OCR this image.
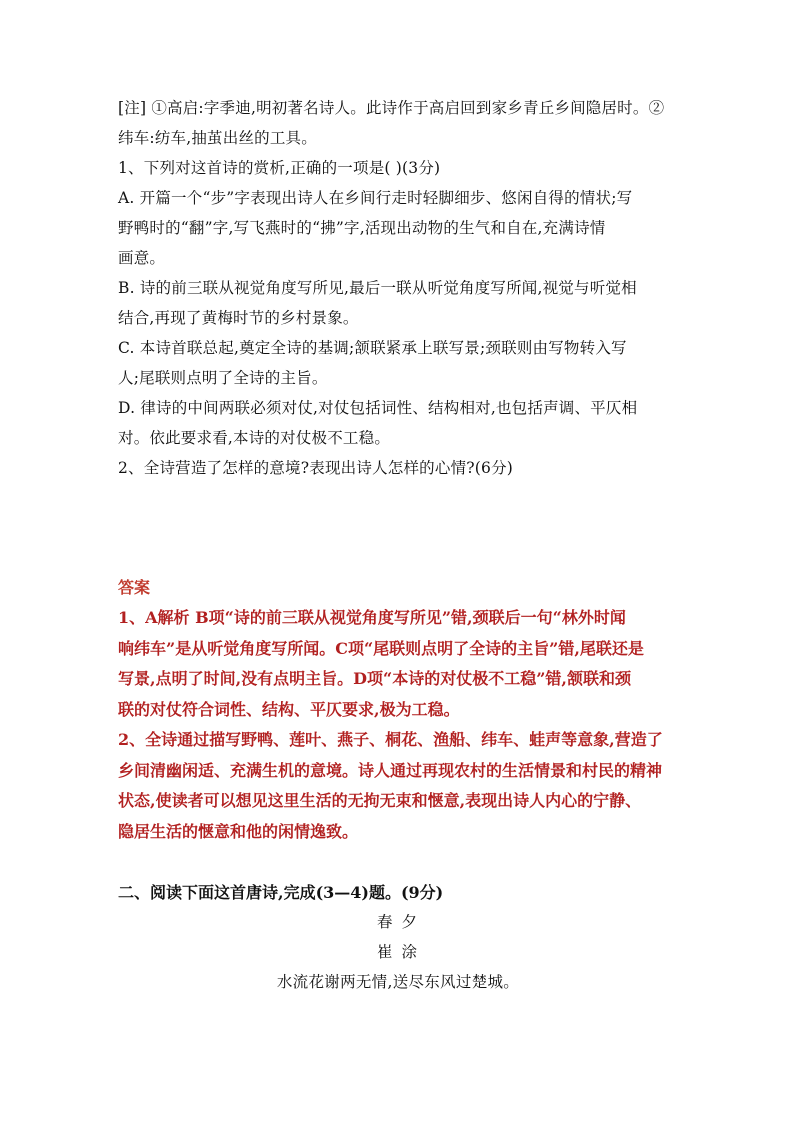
[注] ①高启:字季迪,明初著名诗人。此诗作于高启回到家乡青丘乡间隐居时。②
纬车:纺车,抽茧出丝的工具。
1、下列对这首诗的赏析,正确的一项是( )(3分)
A. 开篇一个“步”字表现出诗人在乡间行走时轻脚细步、悠闲自得的情状;写
野鸭时的“翻”字,写飞燕时的“拂”字,活现出动物的生气和自在,充满诗情
画意。
B. 诗的前三联从视觉角度写所见,最后一联从听觉角度写所闻,视觉与听觉相
结合,再现了黄梅时节的乡村景象。
C. 本诗首联总起,奠定全诗的基调;颔联紧承上联写景;颈联则由写物转入写
人;尾联则点明了全诗的主旨。
D. 律诗的中间两联必须对仗,对仗包括词性、结构相对,也包括声调、平仄相
对。依此要求看,本诗的对仗极不工稳。
2、全诗营造了怎样的意境?表现出诗人怎样的心情?(6分)
答案
1、A解析 B项“诗的前三联从视觉角度写所见”错,颈联后一句“林外时闻
响纬车”是从听觉角度写所闻。C项“尾联则点明了全诗的主旨”错,尾联还是
写景,点明了时间,没有点明主旨。D项“本诗的对仗极不工稳”错,颔联和颈
联的对仗符合词性、结构、平仄要求,极为工稳。
2、全诗通过描写野鸭、莲叶、燕子、桐花、渔船、纬车、蛙声等意象,营造了
乡间清幽闲适、充满生机的意境。诗人通过再现农村的生活情景和村民的精神
状态,使读者可以想见这里生活的无拘无束和惬意,表现出诗人内心的宁静、
隐居生活的惬意和他的闲情逸致。
二、阅读下面这首唐诗,完成(3—4)题。(9分)
春 夕
崔 涂
水流花谢两无情,送尽东风过楚城。
